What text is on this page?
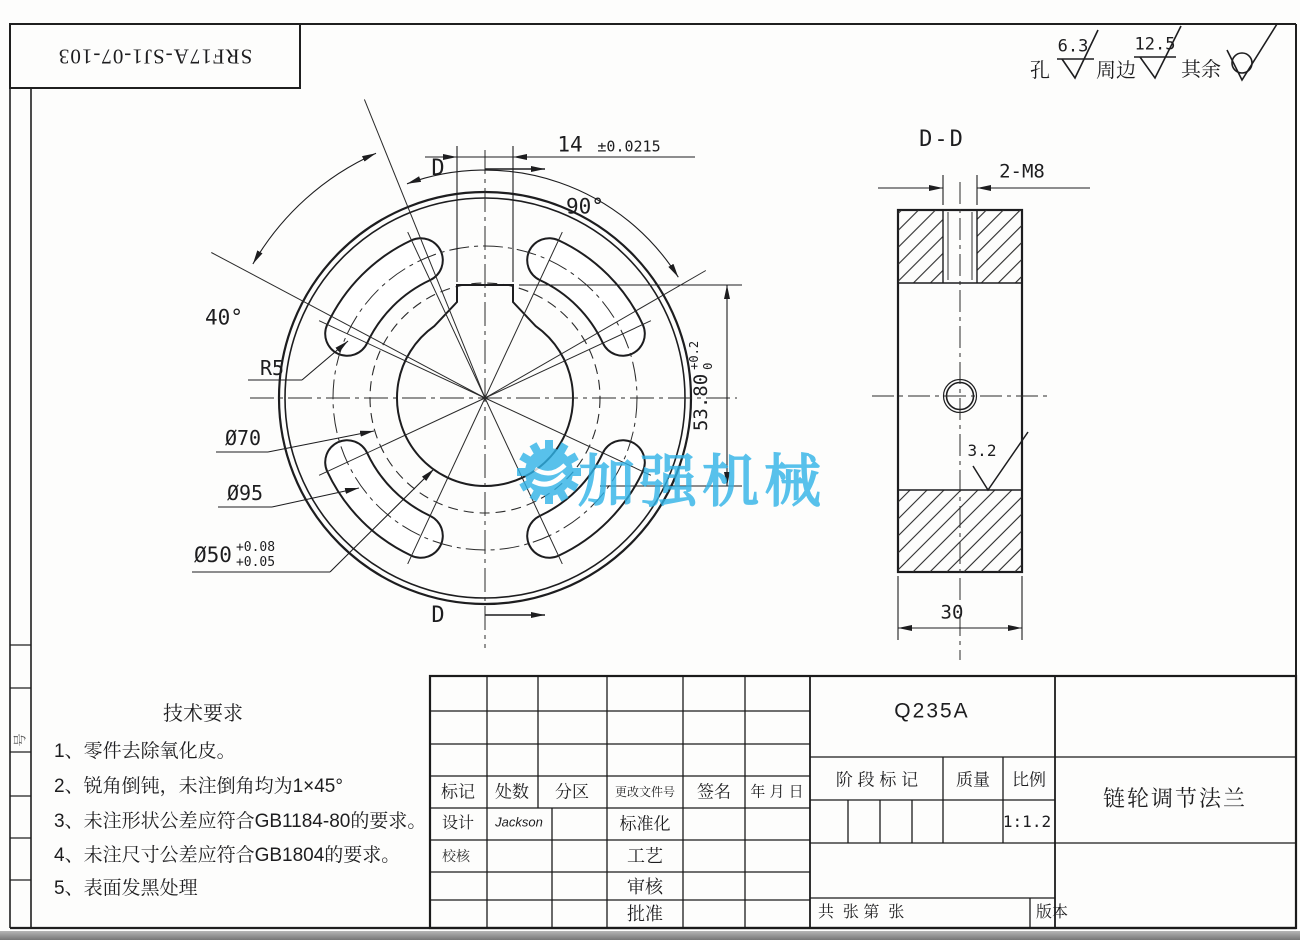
SRF17A-SJ1-07-103
号
孔
6.3
周边
12.5
其余
D
D
14 ±0.0215
90°
40°
R5
Ø70
Ø95
Ø50 +0.08
+0.05
53.80
+0.2 0
D-D
2-M8
3.2
30
技术要求
1、零件去除氧化皮。
2、锐角倒钝，未注倒角均为1×45°
3、未注形状公差应符合GB1184-80的要求。
4、未注尺寸公差应符合GB1804的要求。
5、表面发黑处理
标记 处数 分区 更改文件号 签名 年 月 日
设计 Jackson
校核
标准化
工艺
审核
批准
Q235A
阶 段 标 记 质量 比例
1:1.2
链轮调节法兰
共  张 第  张	版本
加强机械
